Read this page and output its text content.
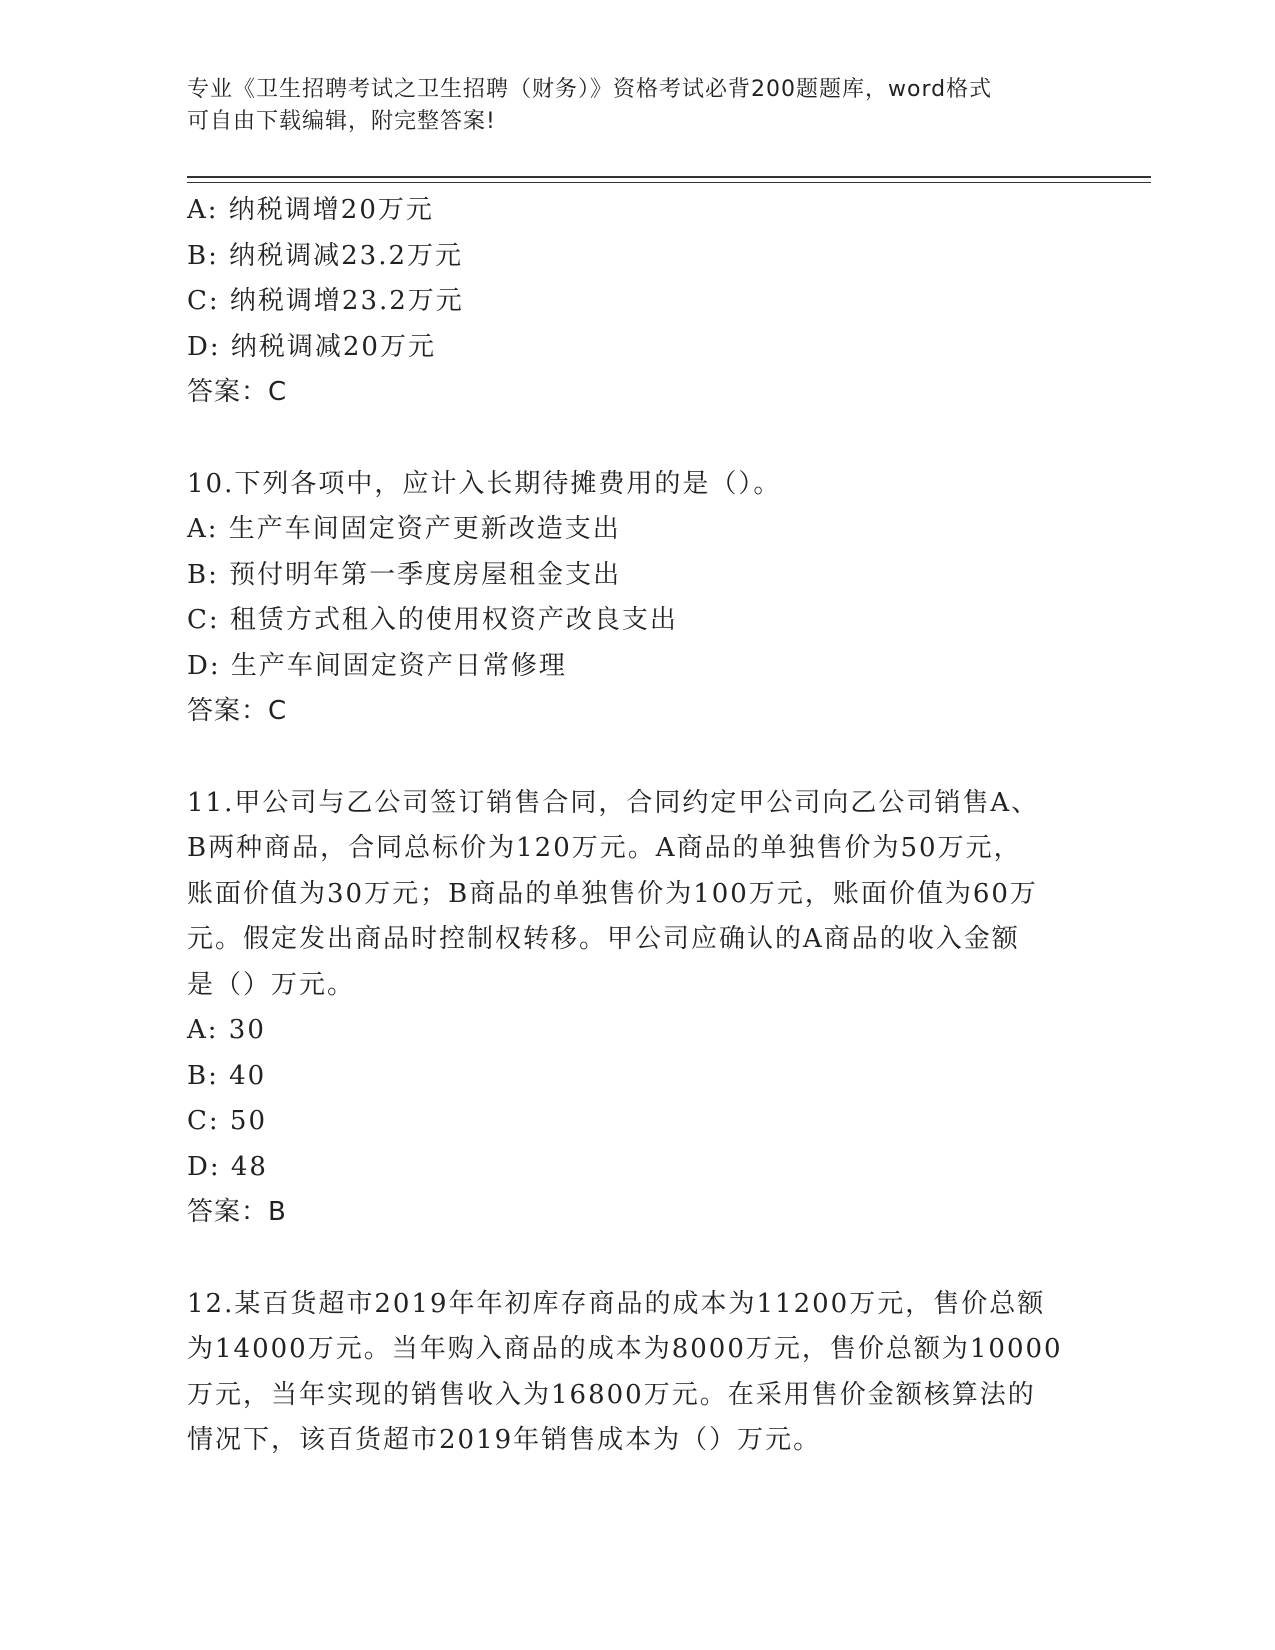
专业《卫生招聘考试之卫生招聘（财务）》资格考试必背200题题库，word格式
可自由下载编辑，附完整答案!
A: 纳税调增20万元
B: 纳税调减23.2万元
C: 纳税调增23.2万元
D: 纳税调减20万元
答案：C
10.下列各项中，应计入长期待摊费用的是（）。
A: 生产车间固定资产更新改造支出
B: 预付明年第一季度房屋租金支出
C: 租赁方式租入的使用权资产改良支出
D: 生产车间固定资产日常修理
答案：C
11.甲公司与乙公司签订销售合同，合同约定甲公司向乙公司销售A、
B两种商品，合同总标价为120万元。A商品的单独售价为50万元，
账面价值为30万元；B商品的单独售价为100万元，账面价值为60万
元。假定发出商品时控制权转移。甲公司应确认的A商品的收入金额
是（）万元。
A: 30
B: 40
C: 50
D: 48
答案：B
12.某百货超市2019年年初库存商品的成本为11200万元，售价总额
为14000万元。当年购入商品的成本为8000万元，售价总额为10000
万元，当年实现的销售收入为16800万元。在采用售价金额核算法的
情况下，该百货超市2019年销售成本为（）万元。
